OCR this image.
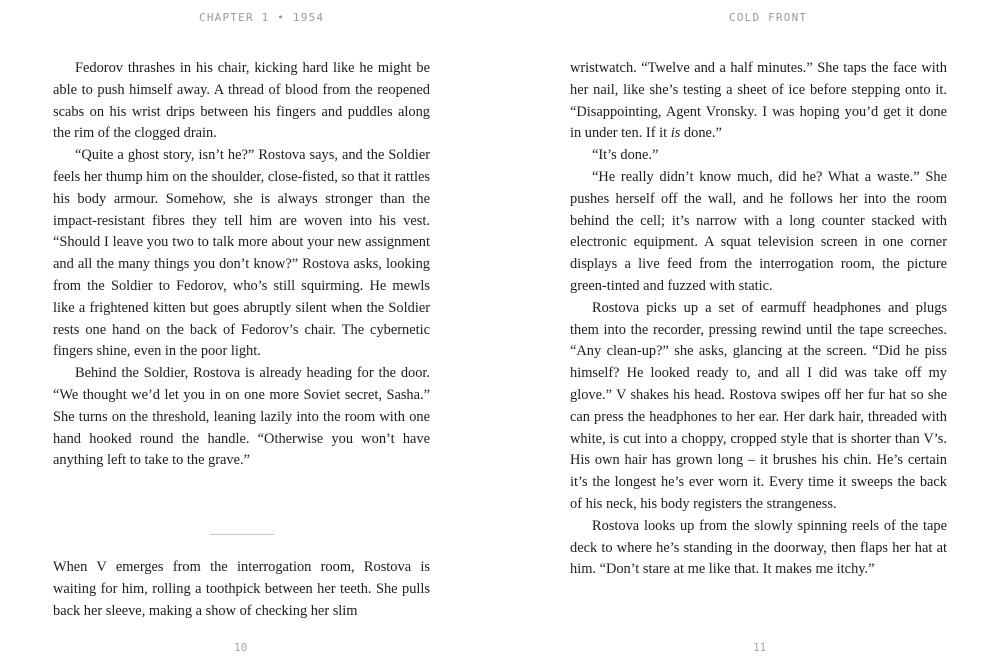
CHAPTER 1 • 1954

Fedorov thrashes in his chair, kicking hard like he might be able to push himself away. A thread of blood from the reopened scabs on his wrist drips between his fingers and puddles along the rim of the clogged drain.

“Quite a ghost story, isn’t he?” Rostova says, and the Soldier feels her thump him on the shoulder, close-fisted, so that it rattles his body armour. Somehow, she is always stronger than the impact-resistant fibres they tell him are woven into his vest. “Should I leave you two to talk more about your new assignment and all the many things you don’t know?” Rostova asks, looking from the Soldier to Fedorov, who’s still squirming. He mewls like a frightened kitten but goes abruptly silent when the Soldier rests one hand on the back of Fedorov’s chair. The cybernetic fingers shine, even in the poor light.

Behind the Soldier, Rostova is already heading for the door. “We thought we’d let you in on one more Soviet secret, Sasha.” She turns on the threshold, leaning lazily into the room with one hand hooked round the handle. “Otherwise you won’t have anything left to take to the grave.”

When V emerges from the interrogation room, Rostova is waiting for him, rolling a toothpick between her teeth. She pulls back her sleeve, making a show of checking her slim

10
COLD FRONT

wristwatch. “Twelve and a half minutes.” She taps the face with her nail, like she’s testing a sheet of ice before stepping onto it. “Disappointing, Agent Vronsky. I was hoping you’d get it done in under ten. If it is done.”

“It’s done.”

“He really didn’t know much, did he? What a waste.” She pushes herself off the wall, and he follows her into the room behind the cell; it’s narrow with a long counter stacked with electronic equipment. A squat television screen in one corner displays a live feed from the interrogation room, the picture green-tinted and fuzzed with static.

Rostova picks up a set of earmuff headphones and plugs them into the recorder, pressing rewind until the tape screeches. “Any clean-up?” she asks, glancing at the screen. “Did he piss himself? He looked ready to, and all I did was take off my glove.” V shakes his head. Rostova swipes off her fur hat so she can press the headphones to her ear. Her dark hair, threaded with white, is cut into a choppy, cropped style that is shorter than V’s. His own hair has grown long – it brushes his chin. He’s certain it’s the longest he’s ever worn it. Every time it sweeps the back of his neck, his body registers the strangeness.

Rostova looks up from the slowly spinning reels of the tape deck to where he’s standing in the doorway, then flaps her hat at him. “Don’t stare at me like that. It makes me itchy.”

11
